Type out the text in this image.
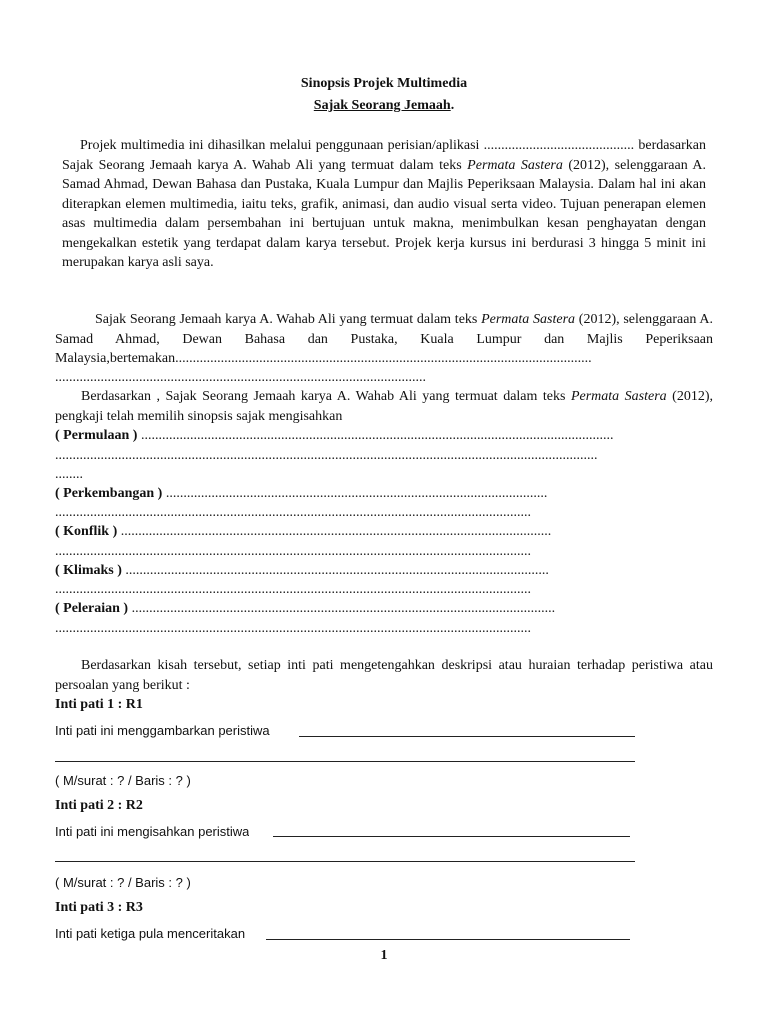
Sinopsis Projek Multimedia
Sajak Seorang Jemaah.

Projek multimedia ini dihasilkan melalui penggunaan perisian/aplikasi ........................................... berdasarkan Sajak Seorang Jemaah karya A. Wahab Ali yang termuat dalam teks Permata Sastera (2012), selenggaraan A. Samad Ahmad, Dewan Bahasa dan Pustaka, Kuala Lumpur dan Majlis Peperiksaan Malaysia. Dalam hal ini akan diterapkan elemen multimedia, iaitu teks, grafik, animasi, dan audio visual serta video. Tujuan penerapan elemen asas multimedia dalam persembahan ini bertujuan untuk makna, menimbulkan kesan penghayatan dengan mengekalkan estetik yang terdapat dalam karya tersebut. Projek kerja kursus ini berdurasi 3 hingga 5 minit ini merupakan karya asli saya.

Sajak Seorang Jemaah karya A. Wahab Ali yang termuat dalam teks Permata Sastera (2012), selenggaraan A. Samad Ahmad, Dewan Bahasa dan Pustaka, Kuala Lumpur dan Majlis Peperiksaan Malaysia,bertemakan.......................................................................................................................

..........................................................................................................

Berdasarkan , Sajak Seorang Jemaah karya A. Wahab Ali yang termuat dalam teks Permata Sastera (2012), pengkaji telah memilih sinopsis sajak mengisahkan

( Permulaan ) .......................................................................................................................................
...........................................................................................................................................................
........
( Perkembangan ) .............................................................................................................
........................................................................................................................................
( Konflik ) ...........................................................................................................................
........................................................................................................................................
( Klimaks ) .........................................................................................................................
........................................................................................................................................
( Peleraian ) .........................................................................................................................
........................................................................................................................................

Berdasarkan kisah tersebut, setiap inti pati mengetengahkan deskripsi atau huraian terhadap peristiwa atau persoalan yang berikut :

Inti pati 1 : R1
Inti pati ini menggambarkan peristiwa
( M/surat : ? / Baris : ? )
Inti pati 2 : R2
Inti pati ini mengisahkan peristiwa
( M/surat : ? / Baris : ? )
Inti pati 3 : R3
Inti pati ketiga pula menceritakan
1
